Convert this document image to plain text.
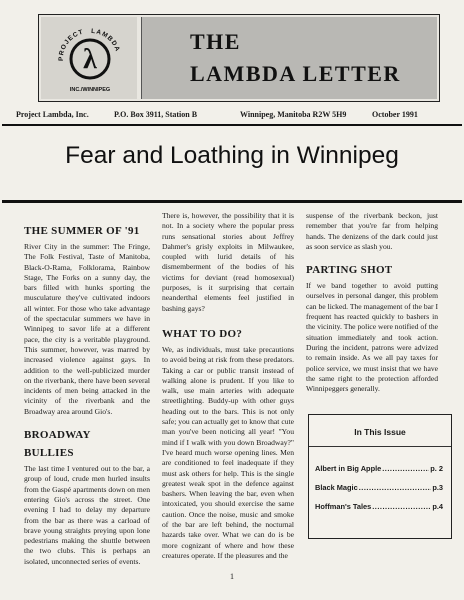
λ
PROJECT LAMBDA
INC./WINNIPEG
THE
LAMBDA LETTER
Project Lambda, Inc.	P.O. Box 3911, Station B	Winnipeg, Manitoba R2W 5H9	October 1991
Fear and Loathing in Winnipeg
THE SUMMER OF '91

River City in the summer: The Fringe, The Folk Festival, Taste of Manitoba, Black-O-Rama, Folklorama, Rainbow Stage, The Forks on a sunny day, the bars filled with hunks sporting the musculature they've cultivated indoors all winter. For those who take advantage of the spectacular summers we have in Winnipeg to savor life at a different pace, the city is a veritable playground. This summer, however, was marred by increased violence against gays. In addition to the well-publicized murder on the riverbank, there have been several incidents of men being attacked in the vicinity of the riverbank and the Broadway area around Gio's.

BROADWAY
BULLIES

The last time I ventured out to the bar, a group of loud, crude men hurled insults from the Gaspé apartments down on men entering Gio's across the street. One evening I had to delay my departure from the bar as there was a carload of brave young straights preying upon lone pedestrians making the shuttle between the two clubs. This is perhaps an isolated, unconnected series of events.

There is, however, the possibility that it is not. In a society where the popular press runs sensational stories about Jeffrey Dahmer's grisly exploits in Milwaukee, coupled with lurid details of his dismemberment of the bodies of his victims for deviant (read homosexual) purposes, is it surprising that certain neanderthal elements feel justified in bashing gays?

WHAT TO DO?

We, as individuals, must take precautions to avoid being at risk from these predators. Taking a car or public transit instead of walking alone is prudent. If you like to walk, use main arteries with adequate streetlighting. Buddy-up with other guys heading out to the bars. This is not only safe; you can actually get to know that cute man you've been noticing all year! "You mind if I walk with you down Broadway?" I've heard much worse opening lines. Men are conditioned to feel inadequate if they must ask others for help. This is the single greatest weak spot in the defence against bashers. When leaving the bar, even when intoxicated, you should exercise the same caution. Once the noise, music and smoke of the bar are left behind, the nocturnal hazards take over. What we can do is be more cognizant of where and how these creatures operate. If the pleasures and the

suspense of the riverbank beckon, just remember that you're far from helping hands. The denizens of the dark could just as soon service as slash you.

PARTING SHOT

If we band together to avoid putting ourselves in personal danger, this problem can be licked. The management of the bar I frequent has reacted quickly to bashers in the vicinity. The police were notified of the situation immediately and took action. During the incident, patrons were advized to remain inside. As we all pay taxes for police service, we must insist that we have the same right to the protection afforded Winnipeggers generally.

In This Issue
Albert in Big Apple .....	p. 2
Black Magic .....	p.3
Hoffman's Tales .....	p.4
1
